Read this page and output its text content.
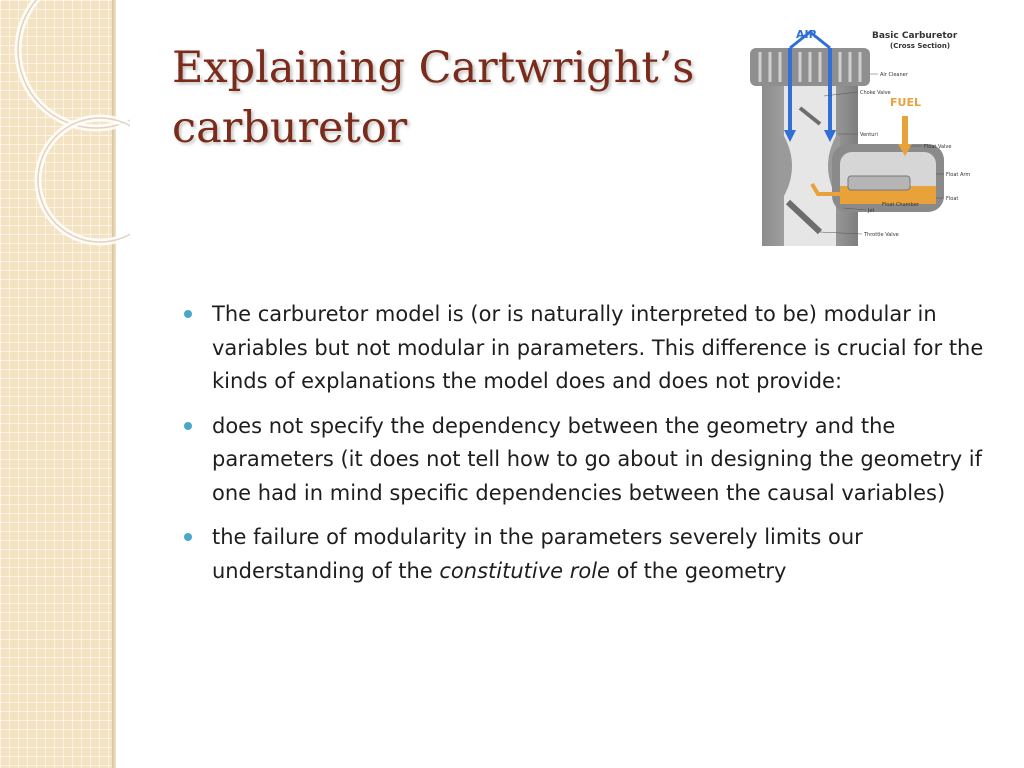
Explaining Cartwright’s
carburetor
AIR
FUEL
Basic Carburetor
(Cross Section)
Air Cleaner
Choke Valve
Venturi
Float Valve
Float Arm
Float
Float Chamber
Jet
Throttle Valve
The carburetor model is (or is naturally interpreted to be) modular in variables but not modular in parameters. This difference is crucial for the kinds of explanations the model does and does not provide:
does not specify the dependency between the geometry and the parameters (it does not tell how to go about in designing the geometry if one had in mind specific dependencies between the causal variables)
the failure of modularity in the parameters severely limits our understanding of the constitutive role of the geometry
